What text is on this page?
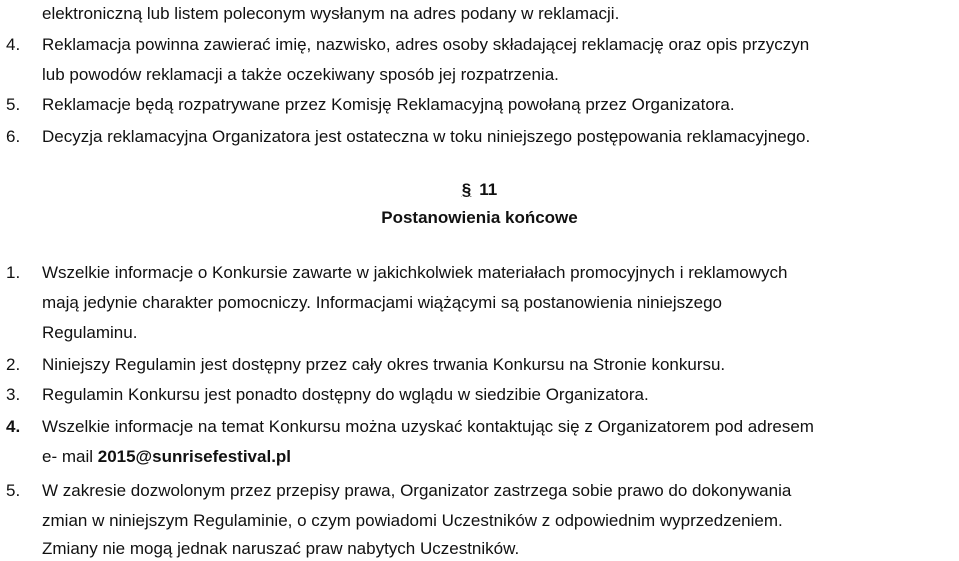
elektroniczną lub listem poleconym wysłanym na adres podany w reklamacji.
4. Reklamacja powinna zawierać imię, nazwisko, adres osoby składającej reklamację oraz opis przyczyn
lub powodów reklamacji a także oczekiwany sposób jej rozpatrzenia.
5. Reklamacje będą rozpatrywane przez Komisję Reklamacyjną powołaną przez Organizatora.
6. Decyzja reklamacyjna Organizatora jest ostateczna w toku niniejszego postępowania reklamacyjnego.
§ 11
Postanowienia końcowe
1. Wszelkie informacje o Konkursie zawarte w jakichkolwiek materiałach promocyjnych i reklamowych
mają jedynie charakter pomocniczy. Informacjami wiążącymi są postanowienia niniejszego
Regulaminu.
2. Niniejszy Regulamin jest dostępny przez cały okres trwania Konkursu na Stronie konkursu.
3. Regulamin Konkursu jest ponadto dostępny do wglądu w siedzibie Organizatora.
4. Wszelkie informacje na temat Konkursu można uzyskać kontaktując się z Organizatorem pod adresem
e- mail 2015@sunrisefestival.pl
5. W zakresie dozwolonym przez przepisy prawa, Organizator zastrzega sobie prawo do dokonywania
zmian w niniejszym Regulaminie, o czym powiadomi Uczestników z odpowiednim wyprzedzeniem.
Zmiany nie mogą jednak naruszać praw nabytych Uczestników.
